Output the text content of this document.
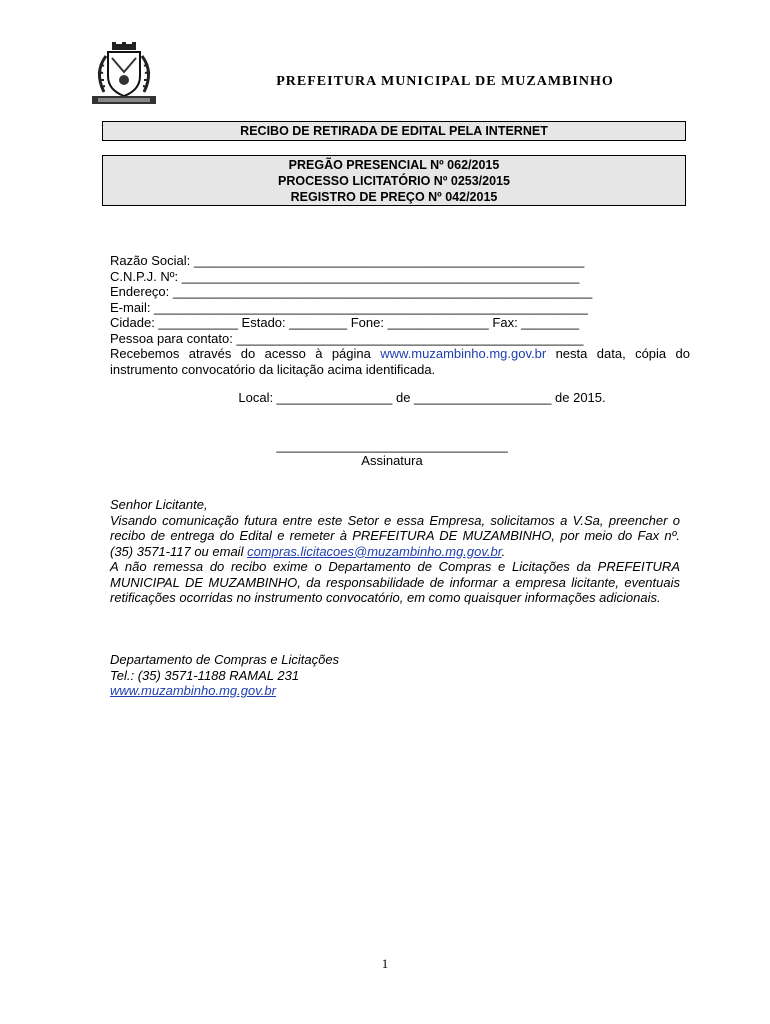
PREFEITURA MUNICIPAL DE MUZAMBINHO
RECIBO DE RETIRADA DE EDITAL PELA INTERNET
PREGÃO PRESENCIAL Nº 062/2015
PROCESSO LICITATÓRIO Nº 0253/2015
REGISTRO DE PREÇO Nº 042/2015
Razão Social: ______________________________________________________
C.N.P.J. Nº: _______________________________________________________
Endereço: __________________________________________________________
E-mail: ____________________________________________________________
Cidade: ___________ Estado: ________ Fone: ______________ Fax: ________
Pessoa para contato: ________________________________________________
Recebemos através do acesso à página www.muzambinho.mg.gov.br nesta data, cópia do instrumento convocatório da licitação acima identificada.
Local: ________________ de ___________________ de 2015.
________________________________
Assinatura
Senhor Licitante,
Visando comunicação futura entre este Setor e essa Empresa, solicitamos a V.Sa, preencher o recibo de entrega do Edital e remeter à PREFEITURA DE MUZAMBINHO, por meio do Fax nº. (35) 3571-117 ou email compras.licitacoes@muzambinho.mg.gov.br.
A não remessa do recibo exime o Departamento de Compras e Licitações da PREFEITURA MUNICIPAL DE MUZAMBINHO, da responsabilidade de informar a empresa licitante, eventuais retificações ocorridas no instrumento convocatório, em como quaisquer informações adicionais.
Departamento de Compras e Licitações
Tel.: (35) 3571-1188 RAMAL 231
www.muzambinho.mg.gov.br
1
